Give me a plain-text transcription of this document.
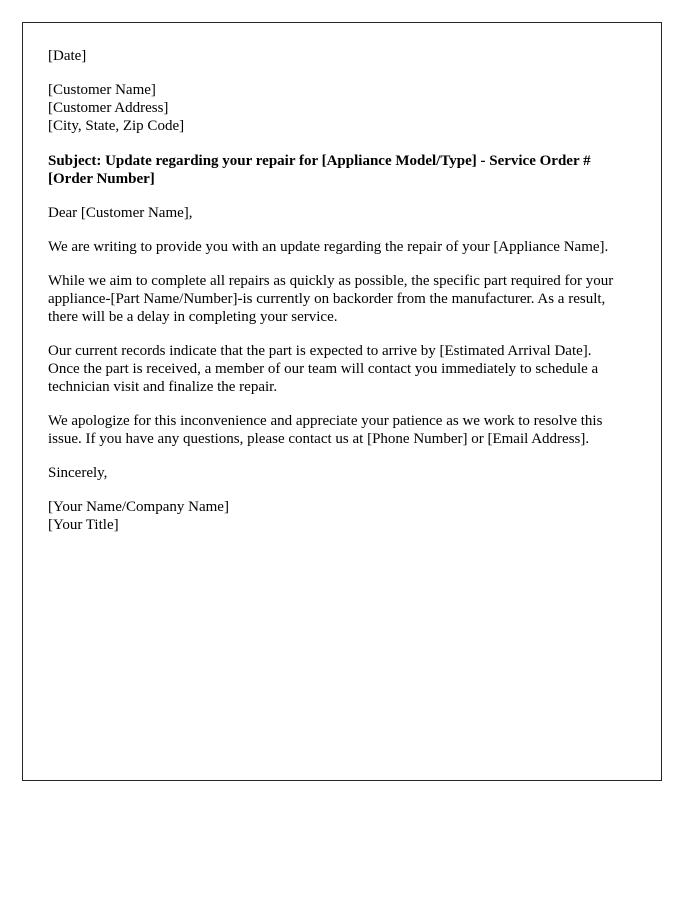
[Date]
[Customer Name]
[Customer Address]
[City, State, Zip Code]
Subject: Update regarding your repair for [Appliance Model/Type] - Service Order # [Order Number]
Dear [Customer Name],
We are writing to provide you with an update regarding the repair of your [Appliance Name].
While we aim to complete all repairs as quickly as possible, the specific part required for your appliance-[Part Name/Number]-is currently on backorder from the manufacturer. As a result, there will be a delay in completing your service.
Our current records indicate that the part is expected to arrive by [Estimated Arrival Date]. Once the part is received, a member of our team will contact you immediately to schedule a technician visit and finalize the repair.
We apologize for this inconvenience and appreciate your patience as we work to resolve this issue. If you have any questions, please contact us at [Phone Number] or [Email Address].
Sincerely,
[Your Name/Company Name]
[Your Title]
